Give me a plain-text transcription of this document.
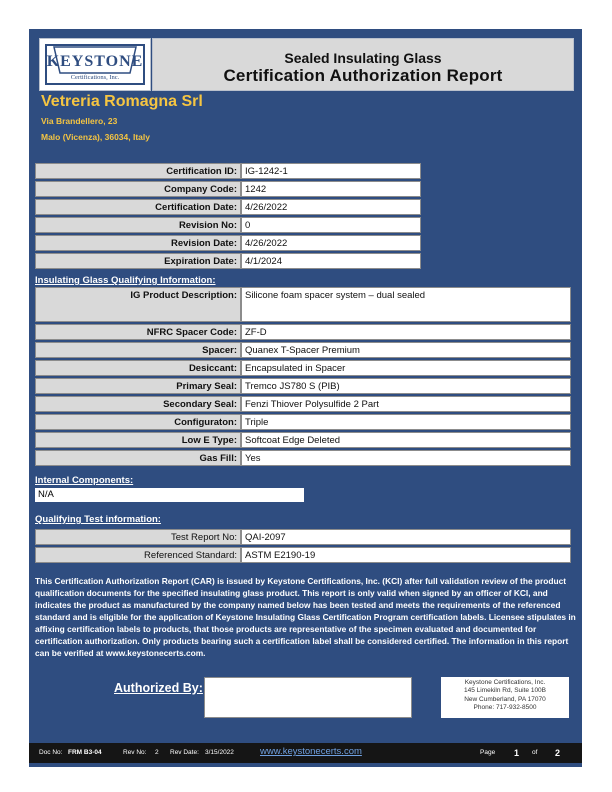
KEYSTONE
Certifications, Inc.
Sealed Insulating Glass
Certification Authorization Report
Vetreria Romagna Srl
Via Brandellero, 23
Malo (Vicenza), 36034, Italy
Certification ID: IG-1242-1
Company Code: 1242
Certification Date: 4/26/2022
Revision No: 0
Revision Date: 4/26/2022
Expiration Date: 4/1/2024
Insulating Glass Qualifying Information:
IG Product Description: Silicone foam spacer system – dual sealed
NFRC Spacer Code: ZF-D
Spacer: Quanex T-Spacer Premium
Desiccant: Encapsulated in Spacer
Primary Seal: Tremco JS780 S (PIB)
Secondary Seal: Fenzi Thiover Polysulfide 2 Part
Configuraton: Triple
Low E Type: Softcoat Edge Deleted
Gas Fill: Yes
Internal Components:
N/A
Qualifying Test information:
Test Report No: QAI-2097
Referenced Standard: ASTM E2190-19
This Certification Authorization Report (CAR) is issued by Keystone Certifications, Inc. (KCI) after full validation review of the product qualification documents for the specified insulating glass product. This report is only valid when signed by an officer of KCI, and indicates the product as manufactured by the company named below has been tested and meets the requirements of the referenced standard and is eligible for the application of Keystone Insulating Glass Certification Program certification labels. Licensee stipulates in affixing certification labels to products, that those products are representative of the specimen evaluated and documented for certification authorization. Only products bearing such a certification label shall be considered certified. The information in this report can be verified at www.keystonecerts.com.
Authorized By:	Keystone Certifications, Inc.
145 Limekiln Rd, Suite 100B
New Cumberland, PA 17070
Phone: 717-932-8500
Doc No: FRM B3-04	Rev No: 2 Rev Date: 3/15/2022	www.keystonecerts.com	Page 1 of 2
